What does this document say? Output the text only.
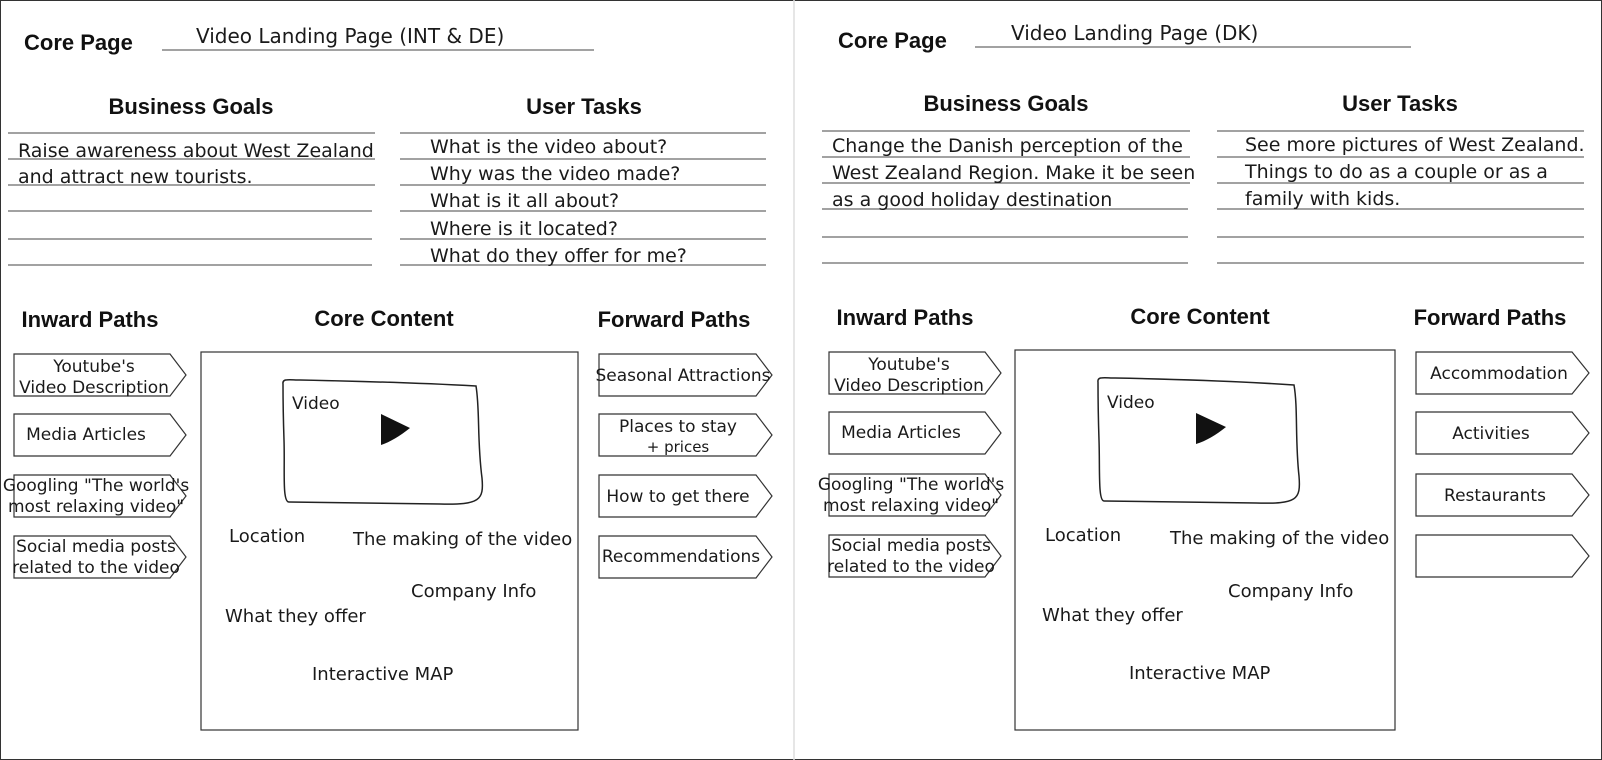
Core Page	Video Landing Page (INT & DE)
Business Goals
Raise awareness about West Zealand
and attract new tourists.
User Tasks
What is the video about?
Why was the video made?
What is it all about?
Where is it located?
What do they offer for me?
Inward Paths
Youtube's
Video Description
Media Articles
Googling "The world's
most relaxing video"
Social media posts
related to the video
Core Content
Video
Location	The making of the video
Company Info
What they offer
Interactive MAP
Forward Paths
Seasonal Attractions
Places to stay
+ prices
How to get there
Recommendations
Core Page	Video Landing Page (DK)
Business Goals
Change the Danish perception of the
West Zealand Region. Make it be seen
as a good holiday destination
User Tasks
See more pictures of West Zealand.
Things to do as a couple or as a
family with kids.
Inward Paths
Youtube's
Video Description
Media Articles
Googling "The world's
most relaxing video"
Social media posts
related to the video
Core Content
Video
Location	The making of the video
Company Info
What they offer
Interactive MAP
Forward Paths
Accommodation
Activities
Restaurants
